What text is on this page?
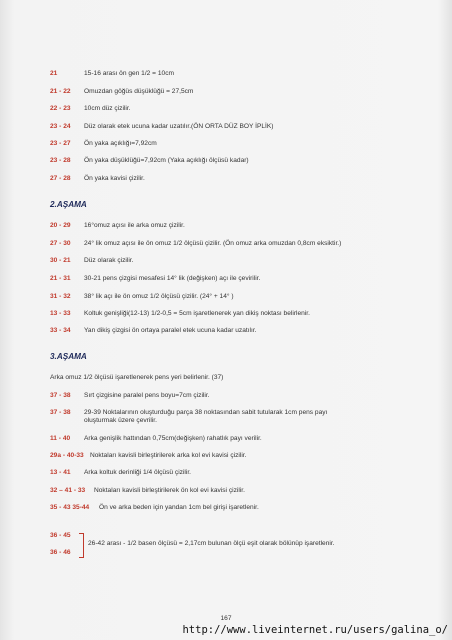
21	15-16 arası ön gen 1/2 = 10cm
21 - 22 Omuzdan göğüs düşüklüğü = 27,5cm
22 - 23 10cm düz çizilir.
23 - 24 Düz olarak etek ucuna kadar uzatılır.(ÖN ORTA DÜZ BOY İPLİK)
23 - 27 Ön yaka açıklığı=7,92cm
23 - 28 Ön yaka düşüklüğü=7,92cm (Yaka açıklığı ölçüsü kadar)
27 - 28 Ön yaka kavisi çizilir.
2.AŞAMA
20 - 29 16°omuz açısı ile arka omuz çizilir.
27 - 30 24° lik omuz açısı ile ön omuz 1/2 ölçüsü çizilir. (Ön omuz arka omuzdan 0,8cm eksiktir.)
30 - 21 Düz olarak çizilir.
21 - 31 30-21 pens çizgisi mesafesi 14° lik (değişken) açı ile çevirilir.
31 - 32 38° lik açı ile ön omuz 1/2 ölçüsü çizilir. (24° + 14° )
13 - 33 Koltuk genişliği(12-13) 1/2-0,5 = 5cm işaretlenerek yan dikiş noktası belirlenir.
33 - 34 Yan dikiş çizgisi ön ortaya paralel etek ucuna kadar uzatılır.
3.AŞAMA
Arka omuz 1/2 ölçüsü işaretlenerek pens yeri belirlenir. (37)
37 - 38 Sırt çizgisine paralel pens boyu=7cm çizilir.
37 - 38 29-39 Noktalarının oluşturduğu parça 38 noktasından sabit tutularak 1cm pens payı
oluşturmak üzere çevrilir.
11 - 40 Arka genişlik hattından 0,75cm(değişken) rahatlık payı verilir.
29a - 40-33 Noktaları kavisli birleştirilerek arka kol evi kavisi çizilir.
13 - 41 Arka koltuk derinliği 1/4 ölçüsü çizilir.
32 – 41 - 33 Noktaları kavisli birleştirilerek ön kol evi kavisi çizilir.
35 - 43 35-44 Ön ve arka beden için yandan 1cm bel girişi işaretlenir.
36 - 45
36 - 46
26-42 arası - 1/2 basen ölçüsü = 2,17cm bulunan ölçü eşit olarak bölünüp işaretlenir.
167
http://www.liveinternet.ru/users/galina_o/
